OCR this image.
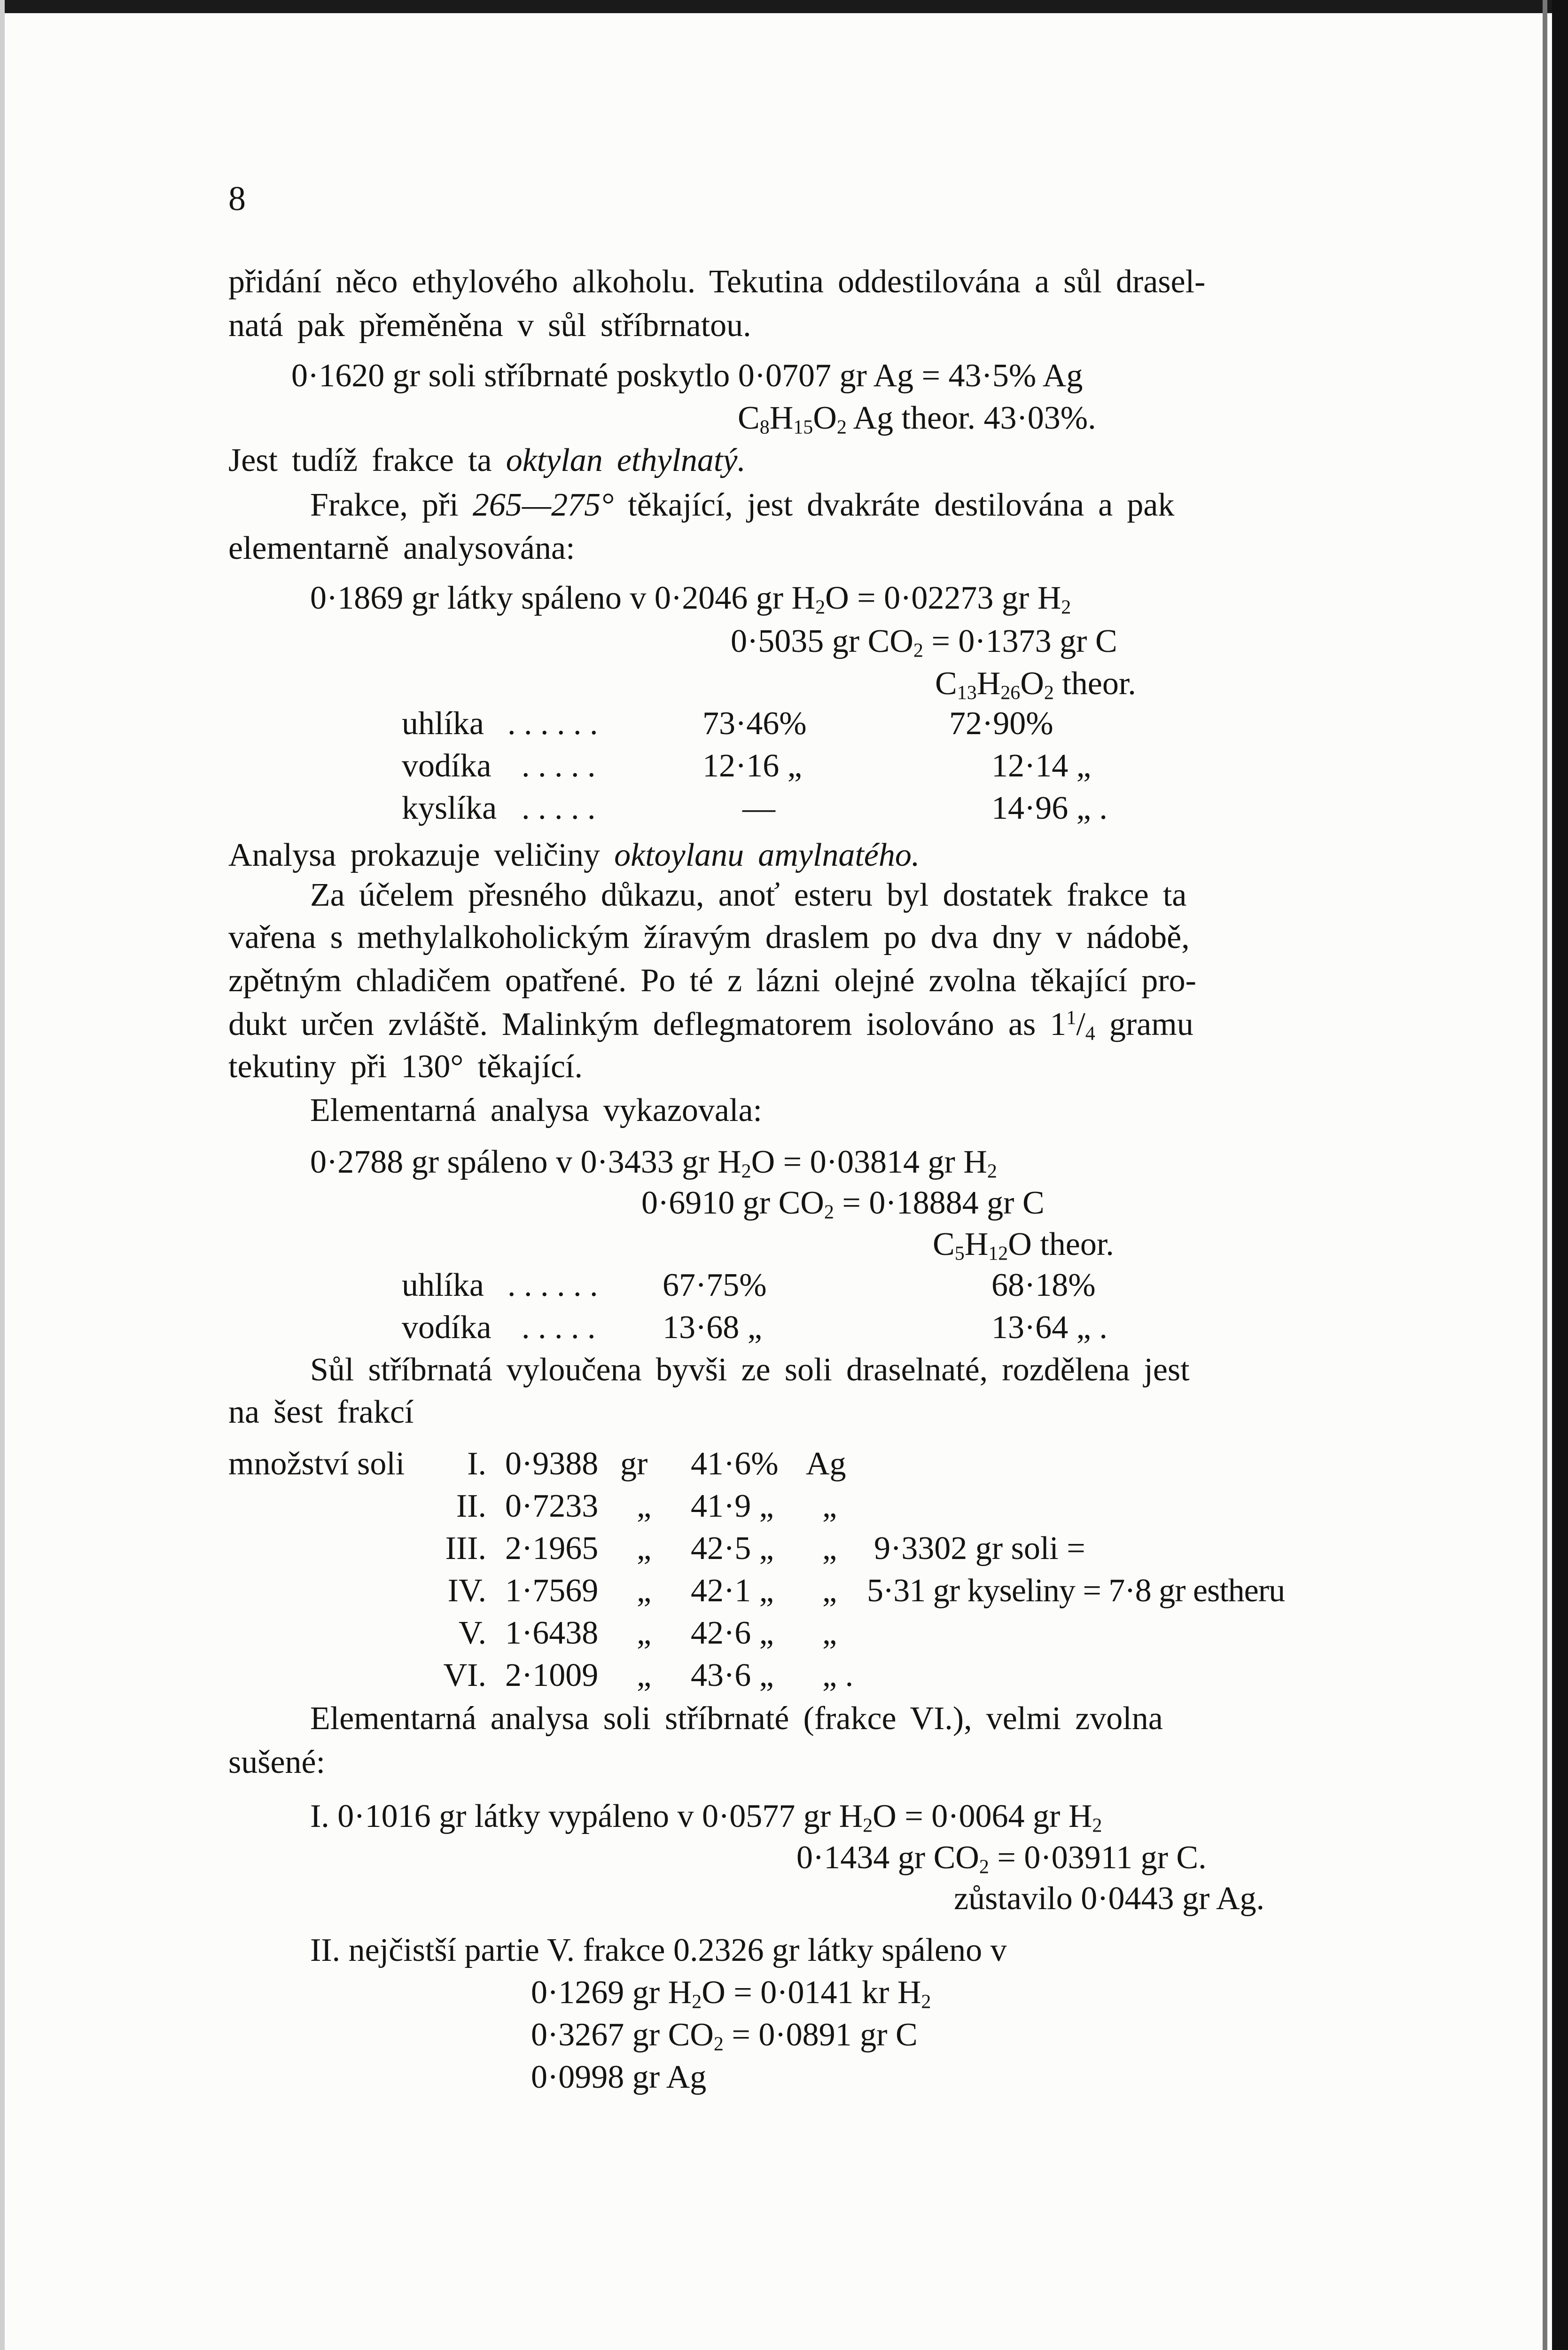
8
přidání něco ethylového alkoholu. Tekutina oddestilována a sůl drasel-
natá pak přeměněna v sůl stříbrnatou.
0·1620 gr soli stříbrnaté poskytlo 0·0707 gr Ag = 43·5% Ag
$C_8H_{15}O_2$ Ag theor. 43·03%.
Jest tudíž frakce ta oktylan ethylnatý.
Frakce, při 265—275° těkající, jest dvakráte destilována a pak
elementarně analysována:
0·1869 gr látky spáleno v 0·2046 gr $H_2O = 0\cdot 02273$ gr $H_2$
0·5035 gr $CO_2 = 0\cdot 1373$ gr C
$C_{13}H_{26}O_2$ theor.
uhlíka . . . . . .	73·46%	72·90%
vodíka . . . . .	12·16 „	12·14 „
kyslíka . . . . .	—	14·96 „ .
Analysa prokazuje veličiny oktoylanu amylnatého.
Za účelem přesného důkazu, anoť esteru byl dostatek frakce ta
vařena s methylalkoholickým žíravým draslem po dva dny v nádobě,
zpětným chladičem opatřené. Po té z lázni olejné zvolna těkající pro-
dukt určen zvláště. Malinkým deflegmatorem isolováno as $1^1/_4$ gramu
tekutiny při 130° těkající.
Elementarná analysa vykazovala:
0·2788 gr spáleno v 0·3433 gr $H_2O = 0\cdot 03814$ gr $H_2$
0·6910 gr $CO_2 = 0\cdot 18884$ gr C
$C_5H_{12}O$ theor.
uhlíka . . . . . . 67·75%	68·18%
vodíka . . . . . 13·68 „	13·64 „ .
Sůl stříbrnatá vyloučena byvši ze soli draselnaté, rozdělena jest
na šest frakcí
množství soli	I. 0·9388 gr 41·6% Ag
II. 0·7233 „ 41·9 „ „
III. 2·1965 „ 42·5 „ „ 9·3302 gr soli =
IV. 1·7569 „ 42·1 „ „ 5·31 gr kyseliny = 7·8 gr estheru
V. 1·6438 „ 42·6 „ „
VI. 2·1009 „ 43·6 „ „ .
Elementarná analysa soli stříbrnaté (frakce VI.), velmi zvolna
sušené:
I. 0·1016 gr látky vypáleno v 0·0577 gr $H_2O = 0\cdot 0064$ gr $H_2$
0·1434 gr $CO_2 = 0\cdot 03911$ gr C.
zůstavilo 0·0443 gr Ag.
II. nejčistší partie V. frakce 0.2326 gr látky spáleno v
0·1269 gr $H_2O = 0\cdot 0141$ kr $H_2$
0·3267 gr $CO_2 = 0\cdot 0891$ gr C
0·0998 gr Ag
